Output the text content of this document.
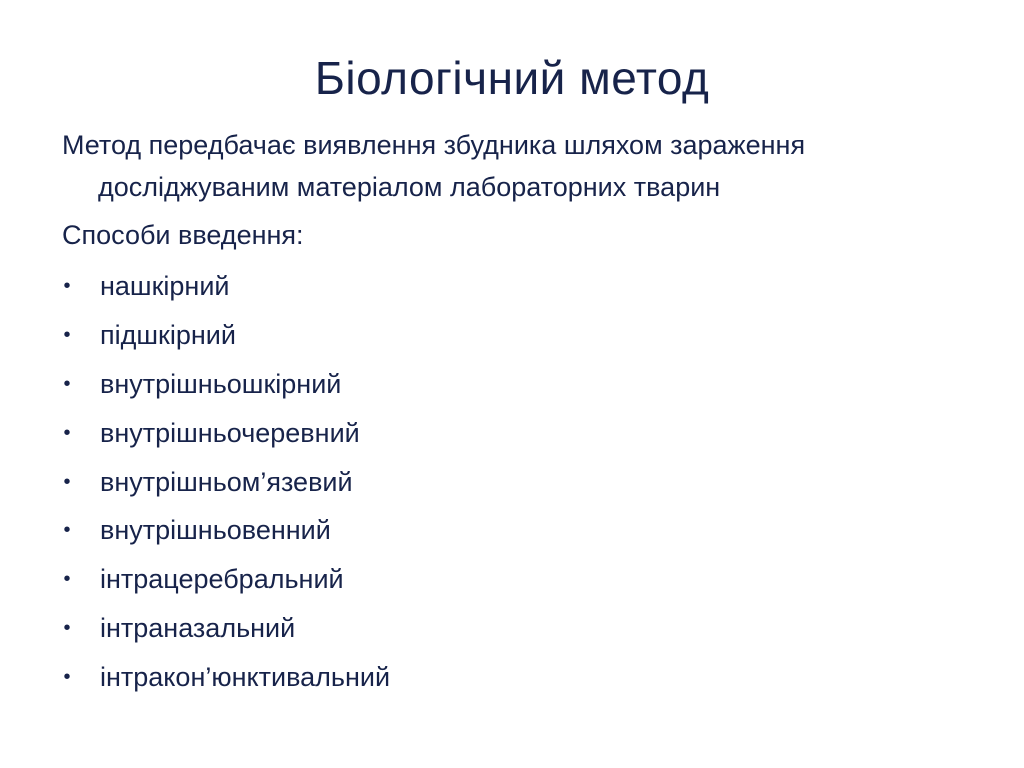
Біологічний метод

Метод передбачає виявлення збудника шляхом зараження
досліджуваним матеріалом лабораторних тварин

Способи введення:

• нашкірний
• підшкірний
• внутрішньошкірний
• внутрішньочеревний
• внутрішньом’язевий
• внутрішньовенний
• інтрацеребральний
• інтраназальний
• інтракон’юнктивальний
